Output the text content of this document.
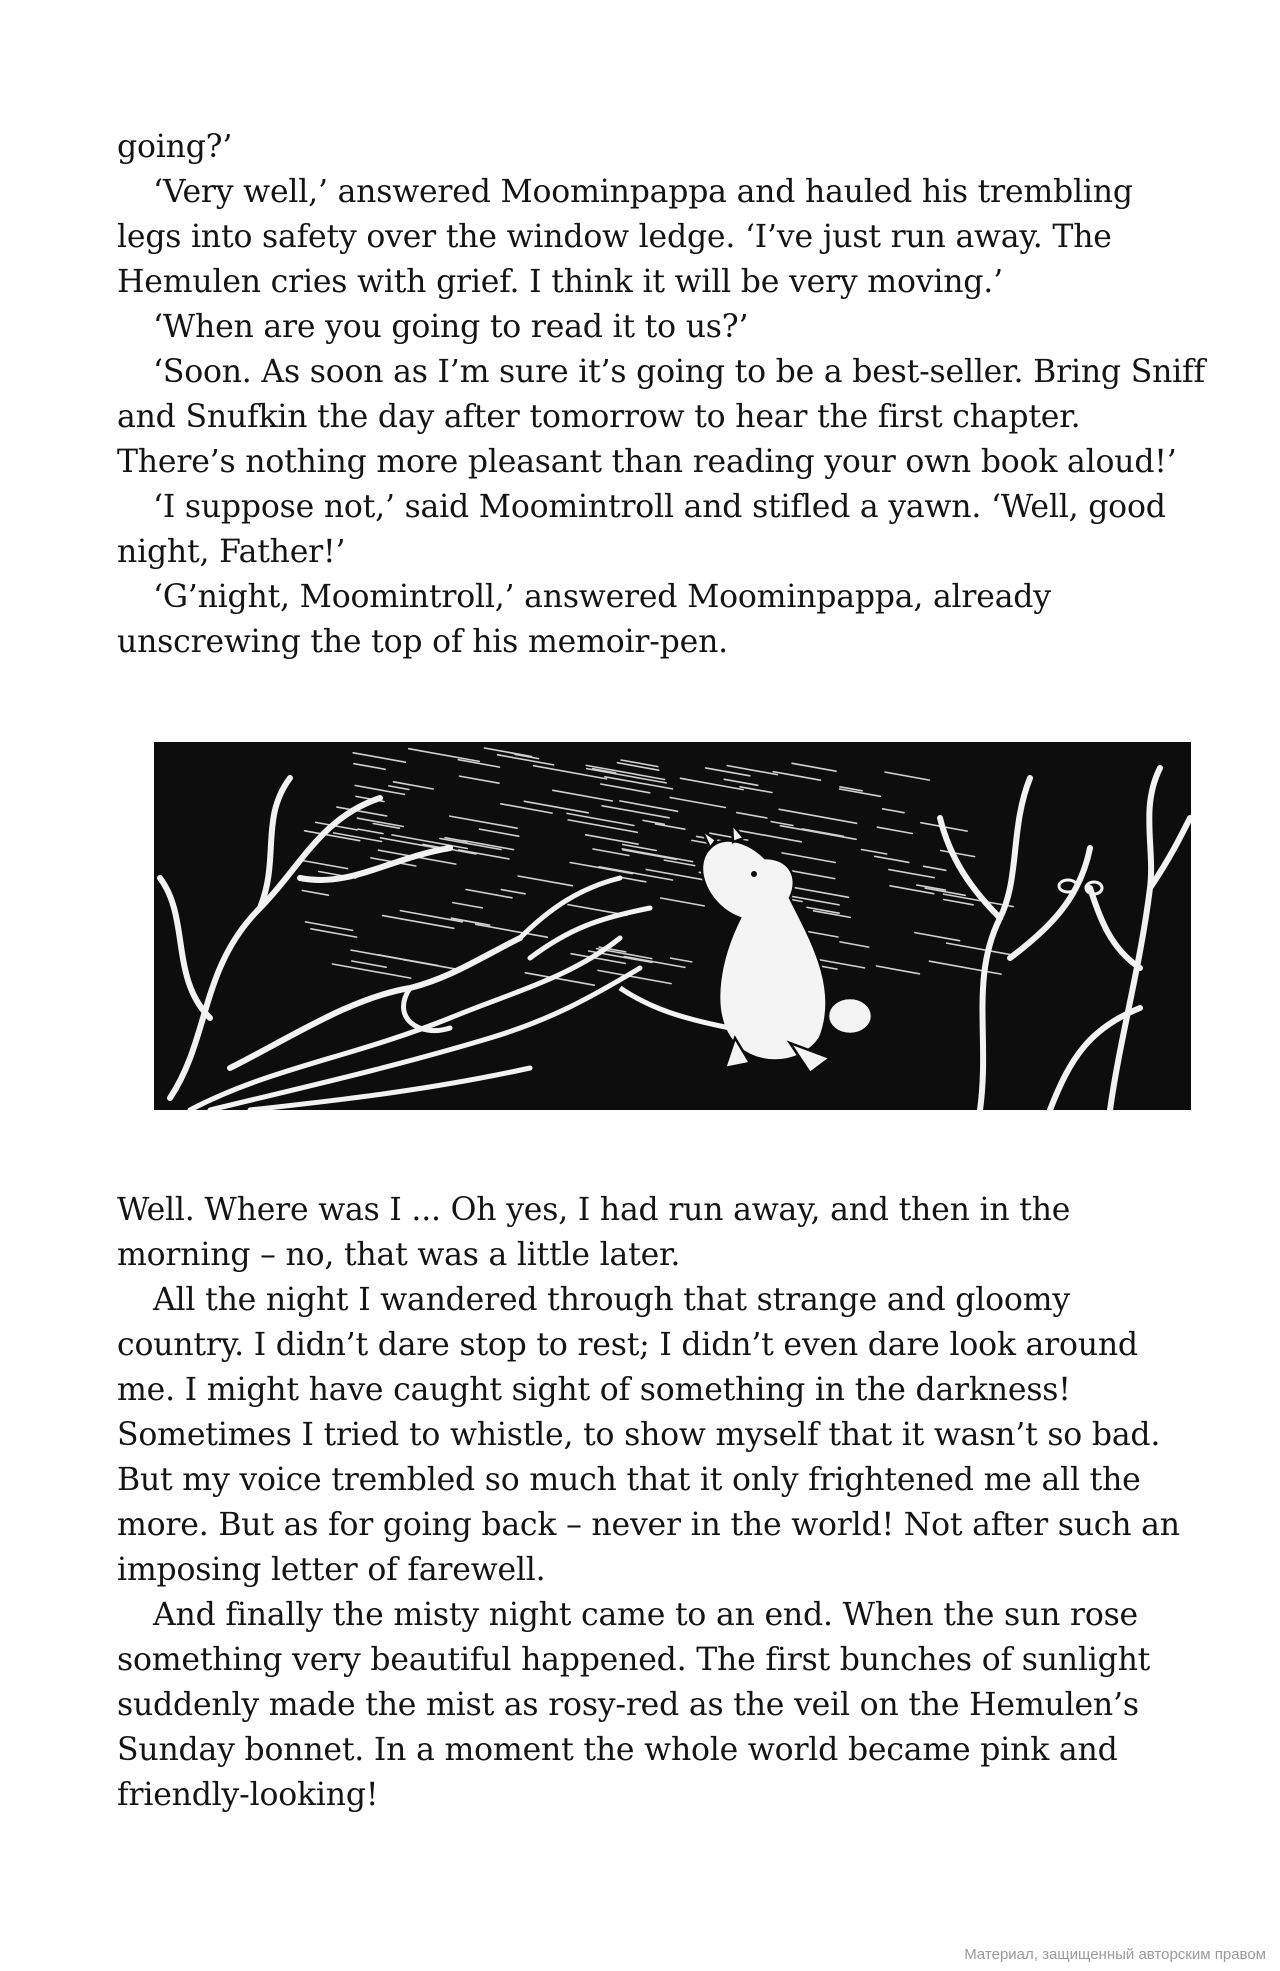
going?’
‘Very well,’ answered Moominpappa and hauled his trembling
legs into safety over the window ledge. ‘I’ve just run away. The
Hemulen cries with grief. I think it will be very moving.’
‘When are you going to read it to us?’
‘Soon. As soon as I’m sure it’s going to be a best-seller. Bring Sniff
and Snufkin the day after tomorrow to hear the first chapter.
There’s nothing more pleasant than reading your own book aloud!’
‘I suppose not,’ said Moomintroll and stifled a yawn. ‘Well, good
night, Father!’
‘G’night, Moomintroll,’ answered Moominpappa, already
unscrewing the top of his memoir-pen.
Well. Where was I ... Oh yes, I had run away, and then in the
morning – no, that was a little later.
All the night I wandered through that strange and gloomy
country. I didn’t dare stop to rest; I didn’t even dare look around
me. I might have caught sight of something in the darkness!
Sometimes I tried to whistle, to show myself that it wasn’t so bad.
But my voice trembled so much that it only frightened me all the
more. But as for going back – never in the world! Not after such an
imposing letter of farewell.
And finally the misty night came to an end. When the sun rose
something very beautiful happened. The first bunches of sunlight
suddenly made the mist as rosy-red as the veil on the Hemulen’s
Sunday bonnet. In a moment the whole world became pink and
friendly-looking!
Материал, защищенный авторским правом
